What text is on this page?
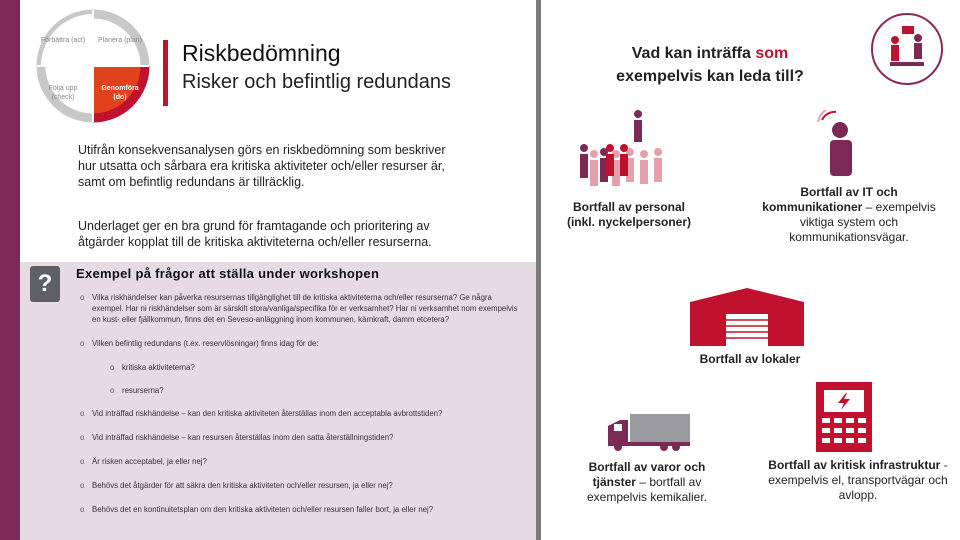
Förbättra (act)	Planera (plan)
Följa upp (check)
Genomföra (do)
Riskbedömning
Risker och befintlig redundans
Utifrån konsekvensanalysen görs en riskbedömning som beskriver hur utsatta och sårbara era kritiska aktiviteter och/eller resurser är, samt om befintlig redundans är tillräcklig.
Underlaget ger en bra grund för framtagande och prioritering av åtgärder kopplat till de kritiska aktiviteterna och/eller resurserna.
?	Exempel på frågor att ställa under workshopen
o Vilka riskhändelser kan påverka resursernas tillgänglighet till de kritiska aktiviteterna och/eller resurserna? Ge några exempel. Har ni riskhändelser som är särskilt stora/vanliga/specifika för er verksamhet? Har ni verksamhet nom exempelvis en kust- eller fjällkommun, finns det en Seveso-anläggning inom kommunen, kärnkraft, damm etcetera?
o Vilken befintlig redundans (t.ex. reservlösningar) finns idag för de:
o kritiska aktiviteterna?
o resurserna?
o Vid inträffad riskhändelse – kan den kritiska aktiviteten återställas inom den acceptabla avbrottstiden?
o Vid inträffad riskhändelse – kan resursen återställas inom den satta återställningstiden?
o Är risken acceptabel, ja eller nej?
o Behövs det åtgärder för att säkra den kritiska aktiviteten och/eller resursen, ja eller nej?
o Behövs det en kontinuitetsplan om den kritiska aktiviteten och/eller resursen faller bort, ja eller nej?
Vad kan inträffa som
exempelvis kan leda till?
Bortfall av personal (inkl. nyckelpersoner)
Bortfall av IT och kommunikationer – exempelvis viktiga system och kommunikationsvägar.
Bortfall av lokaler
Bortfall av varor och tjänster – bortfall av exempelvis kemikalier.
Bortfall av kritisk infrastruktur - exempelvis el, transportvägar och avlopp.
